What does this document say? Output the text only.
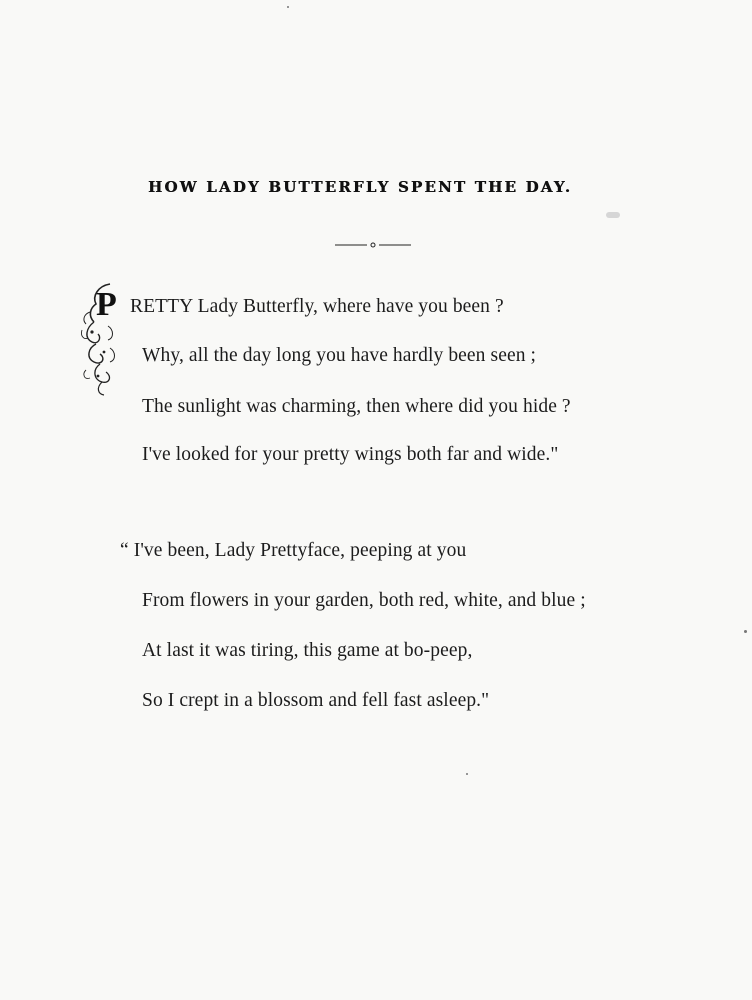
HOW LADY BUTTERFLY SPENT THE DAY.
P RETTY Lady Butterfly, where have you been ?
Why, all the day long you have hardly been seen ;
The sunlight was charming, then where did you hide ?
I've looked for your pretty wings both far and wide."
“ I've been, Lady Prettyface, peeping at you
From flowers in your garden, both red, white, and blue ;
At last it was tiring, this game at bo-peep,
So I crept in a blossom and fell fast asleep."
